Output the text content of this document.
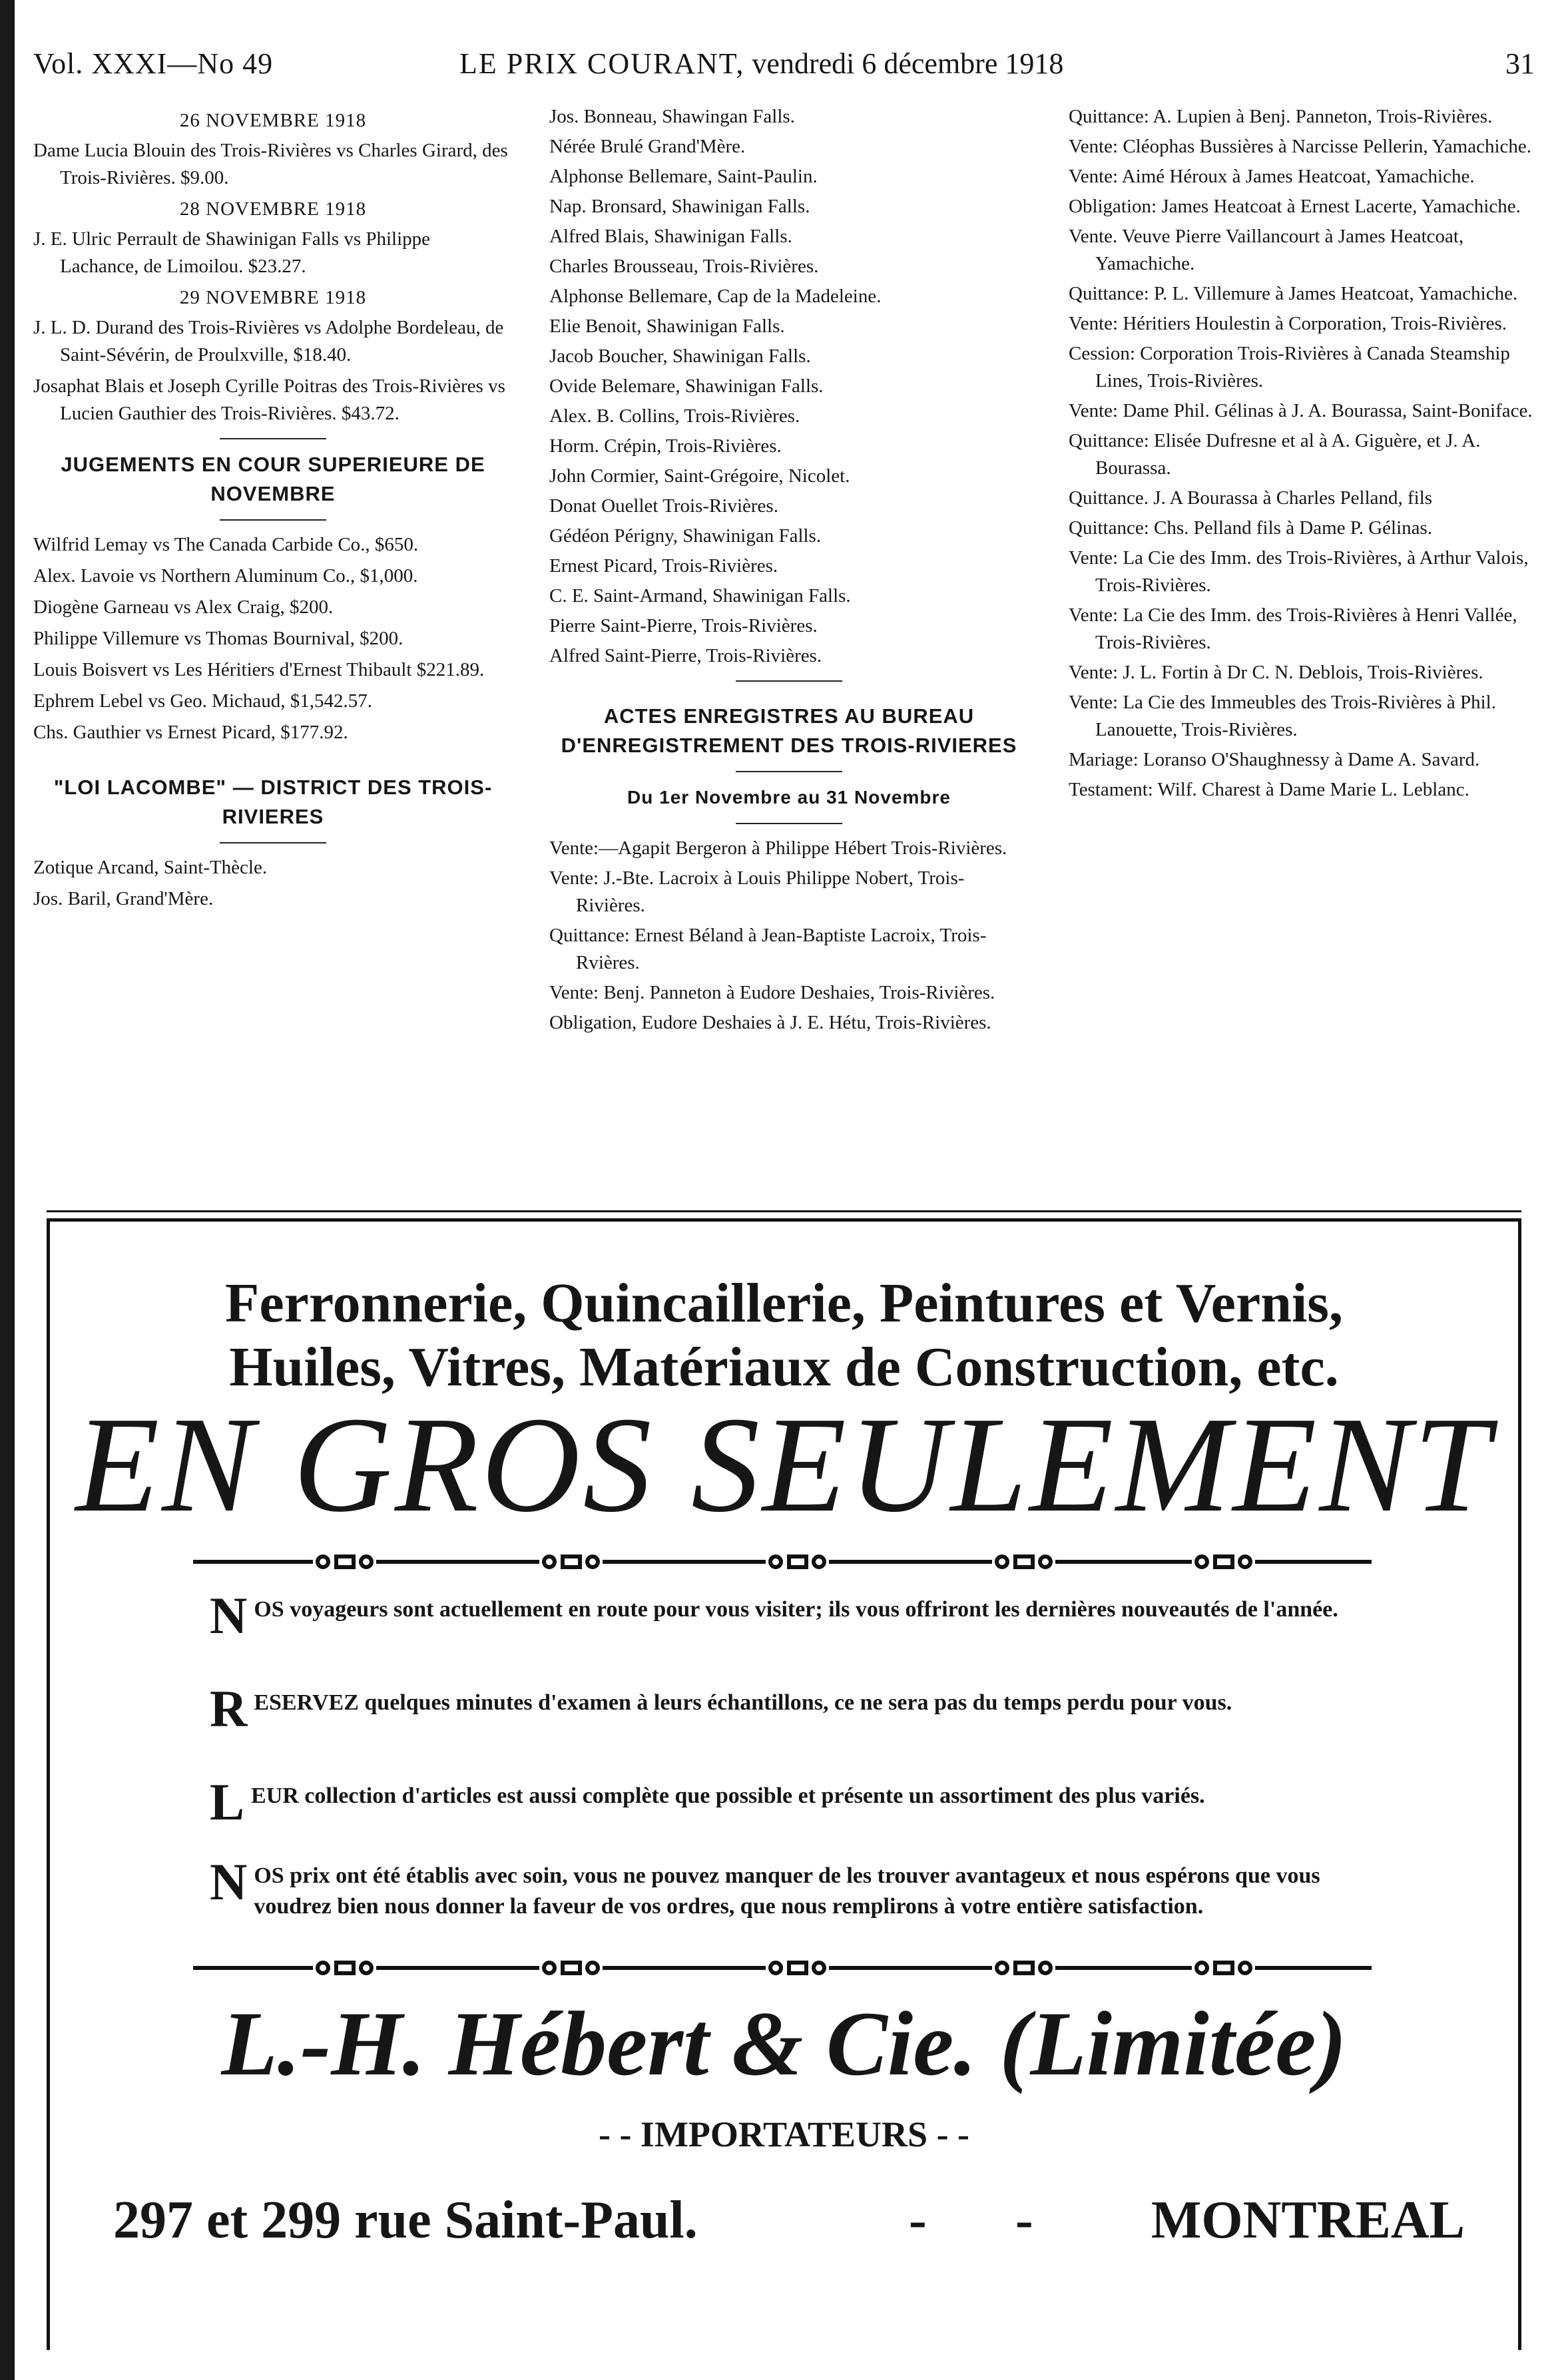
Vol. XXXI—No 49	LE PRIX COURANT, vendredi 6 décembre 1918	31
26 NOVEMBRE 1918
Dame Lucia Blouin des Trois-Rivières vs Charles Girard, des Trois-Rivières. $9.00.
28 NOVEMBRE 1918
J. E. Ulric Perrault de Shawinigan Falls vs Philippe Lachance, de Limoilou. $23.27.
29 NOVEMBRE 1918
J. L. D. Durand des Trois-Rivières vs Adolphe Bordeleau, de Saint-Sévérin, de Proulxville, $18.40.
Josaphat Blais et Joseph Cyrille Poitras des Trois-Rivières vs Lucien Gauthier des Trois-Rivières. $43.72.
JUGEMENTS EN COUR SUPERIEURE DE NOVEMBRE
Wilfrid Lemay vs The Canada Carbide Co., $650.
Alex. Lavoie vs Northern Aluminum Co., $1,000.
Diogène Garneau vs Alex Craig, $200.
Philippe Villemure vs Thomas Bournival, $200.
Louis Boisvert vs Les Héritiers d'Ernest Thibault $221.89.
Ephrem Lebel vs Geo. Michaud, $1,542.57.
Chs. Gauthier vs Ernest Picard, $177.92.
"LOI LACOMBE" — DISTRICT DES TROIS-RIVIERES
Zotique Arcand, Saint-Thècle.
Jos. Baril, Grand'Mère.
Jos. Bonneau, Shawingan Falls.
Nérée Brulé Grand'Mère.
Alphonse Bellemare, Saint-Paulin.
Nap. Bronsard, Shawinigan Falls.
Alfred Blais, Shawinigan Falls.
Charles Brousseau, Trois-Rivières.
Alphonse Bellemare, Cap de la Madeleine.
Elie Benoit, Shawinigan Falls.
Jacob Boucher, Shawinigan Falls.
Ovide Belemare, Shawinigan Falls.
Alex. B. Collins, Trois-Rivières.
Horm. Crépin, Trois-Rivières.
John Cormier, Saint-Grégoire, Nicolet.
Donat Ouellet Trois-Rivières.
Gédéon Périgny, Shawinigan Falls.
Ernest Picard, Trois-Rivières.
C. E. Saint-Armand, Shawinigan Falls.
Pierre Saint-Pierre, Trois-Rivières.
Alfred Saint-Pierre, Trois-Rivières.
ACTES ENREGISTRES AU BUREAU D'ENREGISTREMENT DES TROIS-RIVIERES
Du 1er Novembre au 31 Novembre
Vente:—Agapit Bergeron à Philippe Hébert Trois-Rivières.
Vente: J.-Bte. Lacroix à Louis Philippe Nobert, Trois-Rivières.
Quittance: Ernest Béland à Jean-Baptiste Lacroix, Trois-Rvières.
Vente: Benj. Panneton à Eudore Deshaies, Trois-Rivières.
Obligation, Eudore Deshaies à J. E. Hétu, Trois-Rivières.
Quittance: A. Lupien à Benj. Panneton, Trois-Rivières.
Vente: Cléophas Bussières à Narcisse Pellerin, Yamachiche.
Vente: Aimé Héroux à James Heatcoat, Yamachiche.
Obligation: James Heatcoat à Ernest Lacerte, Yamachiche.
Vente. Veuve Pierre Vaillancourt à James Heatcoat, Yamachiche.
Quittance: P. L. Villemure à James Heatcoat, Yamachiche.
Vente: Héritiers Houlestin à Corporation, Trois-Rivières.
Cession: Corporation Trois-Rivières à Canada Steamship Lines, Trois-Rivières.
Vente: Dame Phil. Gélinas à J. A. Bourassa, Saint-Boniface.
Quittance: Elisée Dufresne et al à A. Giguère, et J. A. Bourassa.
Quittance. J. A Bourassa à Charles Pelland, fils
Quittance: Chs. Pelland fils à Dame P. Gélinas.
Vente: La Cie des Imm. des Trois-Rivières, à Arthur Valois, Trois-Rivières.
Vente: La Cie des Imm. des Trois-Rivières à Henri Vallée, Trois-Rivières.
Vente: J. L. Fortin à Dr C. N. Deblois, Trois-Rivières.
Vente: La Cie des Immeubles des Trois-Rivières à Phil. Lanouette, Trois-Rivières.
Mariage: Loranso O'Shaughnessy à Dame A. Savard.
Testament: Wilf. Charest à Dame Marie L. Leblanc.
Ferronnerie, Quincaillerie, Peintures et Vernis,
Huiles, Vitres, Matériaux de Construction, etc.
EN GROS SEULEMENT
NOS voyageurs sont actuellement en route pour vous visiter; ils vous offriront les dernières nouveautés de l'année.
RESERVEZ quelques minutes d'examen à leurs échantillons, ce ne sera pas du temps perdu pour vous.
LEUR collection d'articles est aussi complète que possible et présente un assortiment des plus variés.
NOS prix ont été établis avec soin, vous ne pouvez manquer de les trouver avantageux et nous espérons que vous voudrez bien nous donner la faveur de vos ordres, que nous remplirons à votre entière satisfaction.
L.-H. Hébert & Cie. (Limitée)
- - IMPORTATEURS - -
297 et 299 rue Saint-Paul.	- - MONTREAL
